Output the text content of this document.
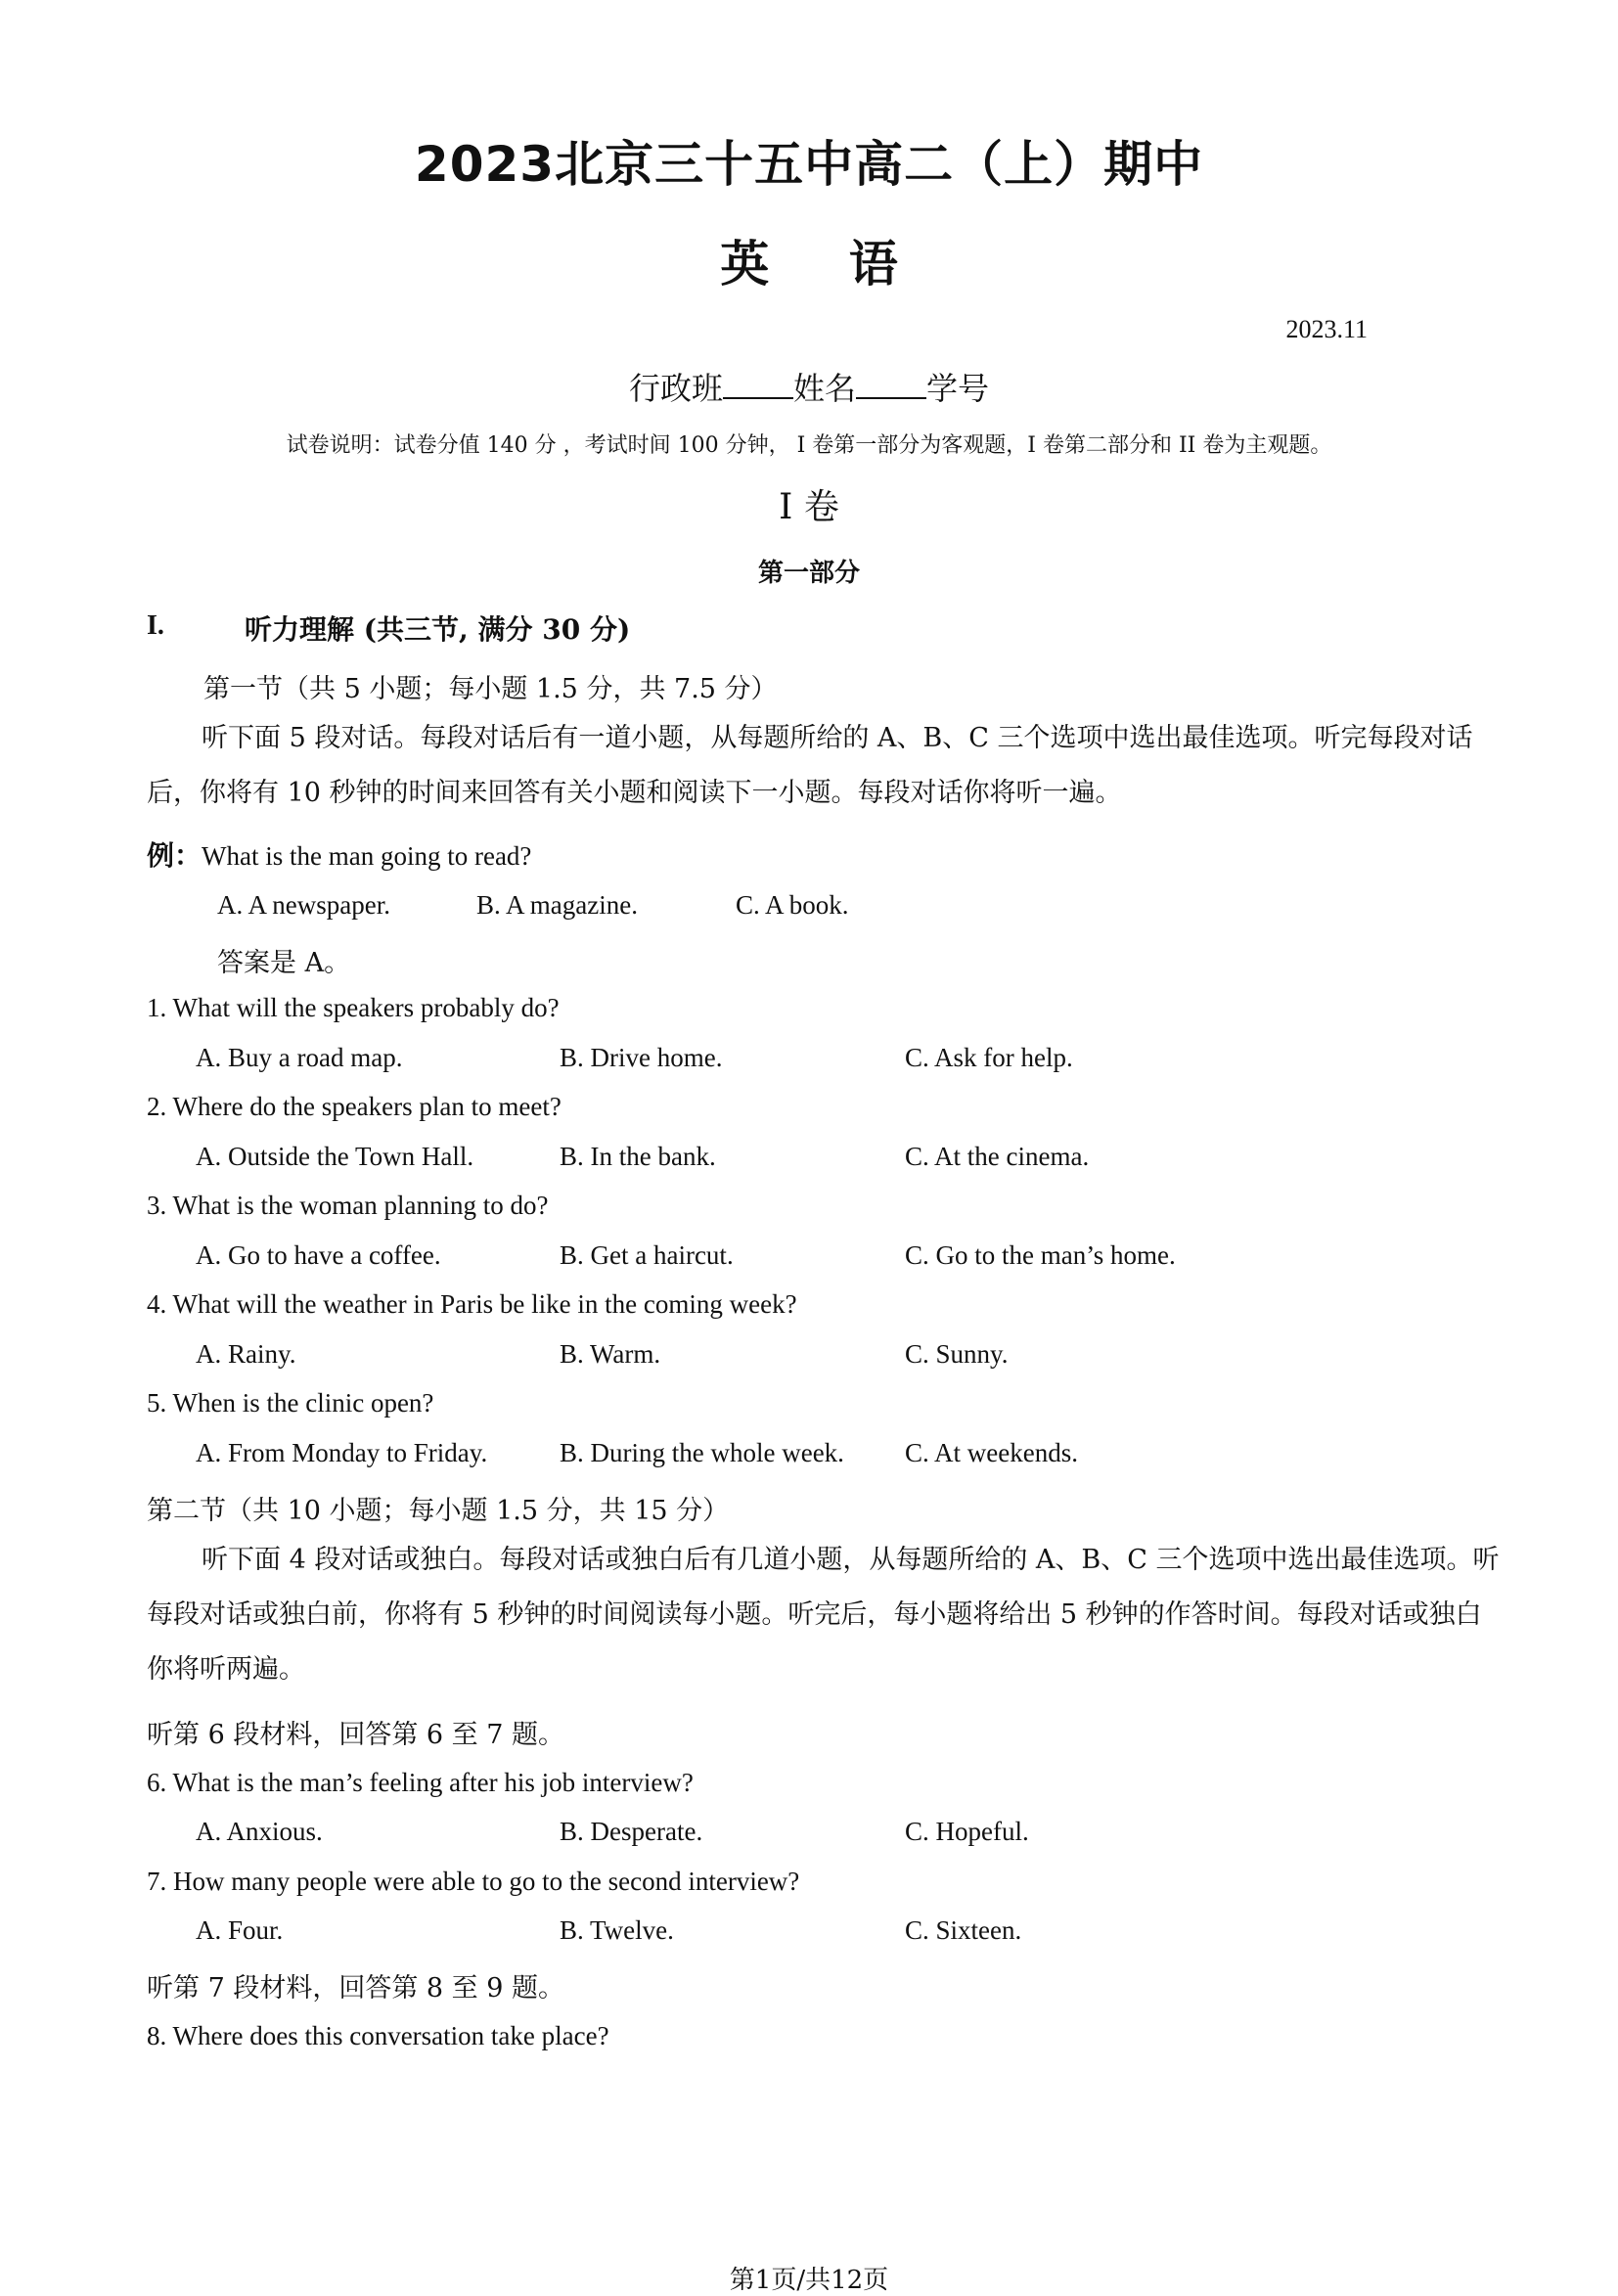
2023北京三十五中高二（上）期中
英 语
2023.11
行政班 姓名 学号
试卷说明：试卷分值 140 分 ，考试时间 100 分钟， I 卷第一部分为客观题，I 卷第二部分和 II 卷为主观题。
I 卷
第一部分
I.	听力理解 (共三节, 满分 30 分)
第一节（共 5 小题；每小题 1.5 分，共 7.5 分）
听下面 5 段对话。每段对话后有一道小题，从每题所给的 A、B、C 三个选项中选出最佳选项。听完每段对话后，你将有 10 秒钟的时间来回答有关小题和阅读下一小题。每段对话你将听一遍。
例：What is the man going to read?
A. A newspaper.	B. A magazine.	C. A book.
答案是 A。
1. What will the speakers probably do?
A. Buy a road map.	B. Drive home.	C. Ask for help.
2. Where do the speakers plan to meet?
A. Outside the Town Hall.	B. In the bank.	C. At the cinema.
3. What is the woman planning to do?
A. Go to have a coffee.	B. Get a haircut.	C. Go to the man’s home.
4. What will the weather in Paris be like in the coming week?
A. Rainy.	B. Warm.	C. Sunny.
5. When is the clinic open?
A. From Monday to Friday.	B. During the whole week. C. At weekends.
第二节（共 10 小题；每小题 1.5 分，共 15 分）
听下面 4 段对话或独白。每段对话或独白后有几道小题，从每题所给的 A、B、C 三个选项中选出最佳选项。听每段对话或独白前，你将有 5 秒钟的时间阅读每小题。听完后，每小题将给出 5 秒钟的作答时间。每段对话或独白你将听两遍。
听第 6 段材料，回答第 6 至 7 题。
6. What is the man’s feeling after his job interview?
A. Anxious.	B. Desperate.	C. Hopeful.
7. How many people were able to go to the second interview?
A. Four.	B. Twelve.	C. Sixteen.
听第 7 段材料，回答第 8 至 9 题。
8. Where does this conversation take place?
第1页/共12页
